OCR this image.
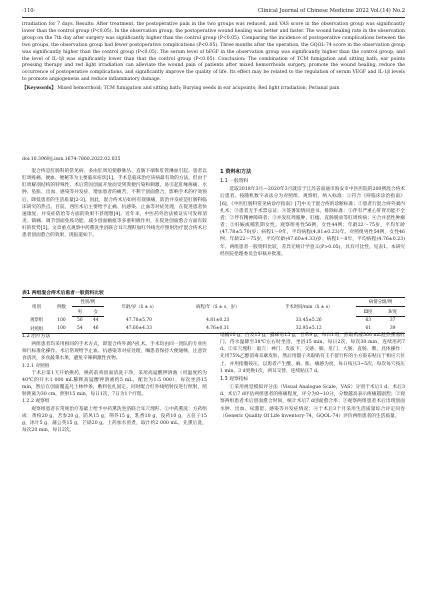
·110·	Clinical Journal of Chinese Medicine 2022 Vol.(14) No.2

irradiation for 7 days. Results: After treatment, the postoperative pain in the two groups was reduced, and VAS score in the observation group was significantly lower than the control group (P<0.05). In the observation group, the postoperative wound healing was better and faster. The wound healing rate in the observation group on the 7th day after surgery was significantly higher than the control group (P<0.05). Comparing the incidence of postoperative complications between the two groups, the observation group had fewer postoperative complications (P<0.05). Three months after the operation, the GQOL-74 score in the observation group was significantly higher than the control group (P<0.05). The serum level of bFGF in the observation group was significantly higher than the control group, and the level of IL-1β was significantly lower than that the control group (P<0.05). Conclusion: The combination of TCM fumigation and sitting bath, ear points pressing therapy and red light irradiation can alleviate the wound pain of patients after mixed hemorrhoids surgery, promote the wound healing, reduce the occurrence of postoperative complications, and significantly improve the quality of life. Its effect may be related to the regulation of serum VEGF and IL-1β levels to promote angiogenesis and reduce inflammatory damage.

【Keywords】 Mixed hemorrhoid; TCM fumigation and sitting bath; Burying seeds in ear acupoints; Red light irradiation; Perianal pain

doi:10.3969/j.issn.1674-7860.2022.02.035

混合痔是肛肠科的常见病、多由肛周迫使静脉丛、直肠下端和肛管淋血引起。患者以肛周疼痛、便血、便秘等为主要临床症状[1]。手术是临床治疗该病最有效的方法，但由于肛周解剖结构的特殊性，术后常因创面开放而受到粪便污染和刺激，易引起肛缘疼痛、水肿、坠胀、出血、感染等并发症，增加患者的痛苦，不利于创面愈合，影响手术的疗效预后，降低患者的生活质量[2-3]。因此，混合痔术后如何有效镇痛，防治并发症是肛肠科临床研究的热点。目前，西医术后主要给予止痛、抗感染、止血等对症处理，在促进患者快速康复、并发症防治等方面的效果不甚理想[4]。近年来，中医药外治法被证实可发挥消炎、镇痛、调节创面免疫功能、减少创面瘢痕等多重积极作用，在促进创面愈合方面有较好的优势[5]。文章重点观察中药熏洗坐浴联合耳穴埋籽加红外线光疗照射治疗混合痔术后患者创面愈合的效果，现报道如下。

1 资料和方法
1.1 一般资料

选取2018年3月—2020年3月就诊于江苏省南通市海安市中医医院的200例混合痔术后患者。按随机数字表法分为对照组、观察组，纳入标准：①符合《痔临床诊治指南》[6]、《中医肛肠科常见病诊疗指南》[7]中关于混合痔的诊断标准；②患者行混合痔外剥内扎术；③患者无手术禁忌证；④签署知情同意书。排除标准：①伴有严重心肝肾功能不全者；②伴有精神障碍者；③并发肛周脓肿、肛瘘、直肠脱垂等肛周疾病；④合并恶性肿瘤者；⑤妊娠或哺乳期女性。观察组男性56例，女性44例；年龄22～75岁，平均年龄(47.78±5.70)岁；病程1～9年，平均病程(4.81±0.23)年。对照组男性54例，女性46例；年龄22～75岁，平均年龄(47.60±4.33)岁；病程1～8年，平均病程(4.76±0.23)年。两组患者一般资料比较，差异无统计学意义(P>0.05)，具有可比性。见表1。本研究经医院伦理委员会审核并批准。

表1 两组混合痔术后患者一般资料比较
组别	例数	性别/例		年龄/岁（x̄ ± s）	病程/年（x̄ ± s，岁）	手术时间/min（x̄ ± s）	病情分级/例	
		男	女				Ⅲ度	Ⅳ度
观察组	100	56	44	47.78±5.70	4.81±0.23	33.45±5.26	63	37
对照组	100	54	46	47.60±4.33	4.76±0.31	32.95±5.12	61	39
1.2 治疗方法

两组患者均采用相同的手术方式，即混合痔外剥内扎术。手术均由同一团队的专业医师行标准化操作。术后常规给予止血、抗感染等对症处理，嘱患者保持大便通畅，注意饮食清淡，多食蔬菜水果，避免辛辣刺激性食物。

1.2.1 对照组

于术后第1天开始换药，换药前将创面清洗干净，采用高锰酸钾溶液（用温度约为40℃的开水1 000 mL稀释高锰酸钾溶液约5 mL，配比为1:5 000），每次坐浴15 min，然后在创面覆盖凡士林纱条，敷料包扎固定。同时配合红外线照射仪进行照射，照射距离为30 cm，照射15 min，每日1次，7日为1个疗程。

1.2.2 观察组

观察组患者在常规治疗基础上给予中药熏洗坐浴联合耳穴埋籽。①中药熏洗：方药组成：黄柏20 g，苦参20 g，防风15 g，荆芥15 g，乳香10 g，没药10 g，五倍子15 g，冰片5 g，蒲公英15 g，芒硝20 g。上药加水煎煮，取汁约2 000 mL，先熏后洗，每次20 min，每日2次。

地榆10 g，白及15 g，露蜂房15 g，甘草9 g，每日1剂，煎取药液500 mL趁热熏蒸肛门，待水温降至38℃左右时坐浴，坐浴15 min，每日2次，每次30 min，连续用药7 d。②耳穴埋籽：取穴：神门、皮质下、交感、肺、肛门、大肠、直肠、脾，具体操作：先用75%乙醇消毒耳廓皮肤，然后用镊子夹取贴有王不留行籽的小方胶布贴压于相应穴位上，并用指腹按压，以患者产生酸、麻、胀、痛感为度，每日按压3~5次，每次每穴按压1 min，3 d更换1次，两耳交替，连续贴压7 d。

1.3 观察指标

①采用视觉模拟评分法（Visual Analogue Scale，VAS）分别于术后1 d、术后3 d、术后7 d评估两组患者的疼痛程度，评分为0~10分，分数越高表示疼痛越剧烈；②观察两组患者术后创面愈合时间，统计术后7 d创面愈合率；③观察两组患者术后出现创面水肿、出血、尿潴留、感染等并发症情况；④于术后3个月采用生活质量综合评定问卷（Generic Quality Of Life Inventory-74，GQOL-74）评价两组患者的生活质量。
